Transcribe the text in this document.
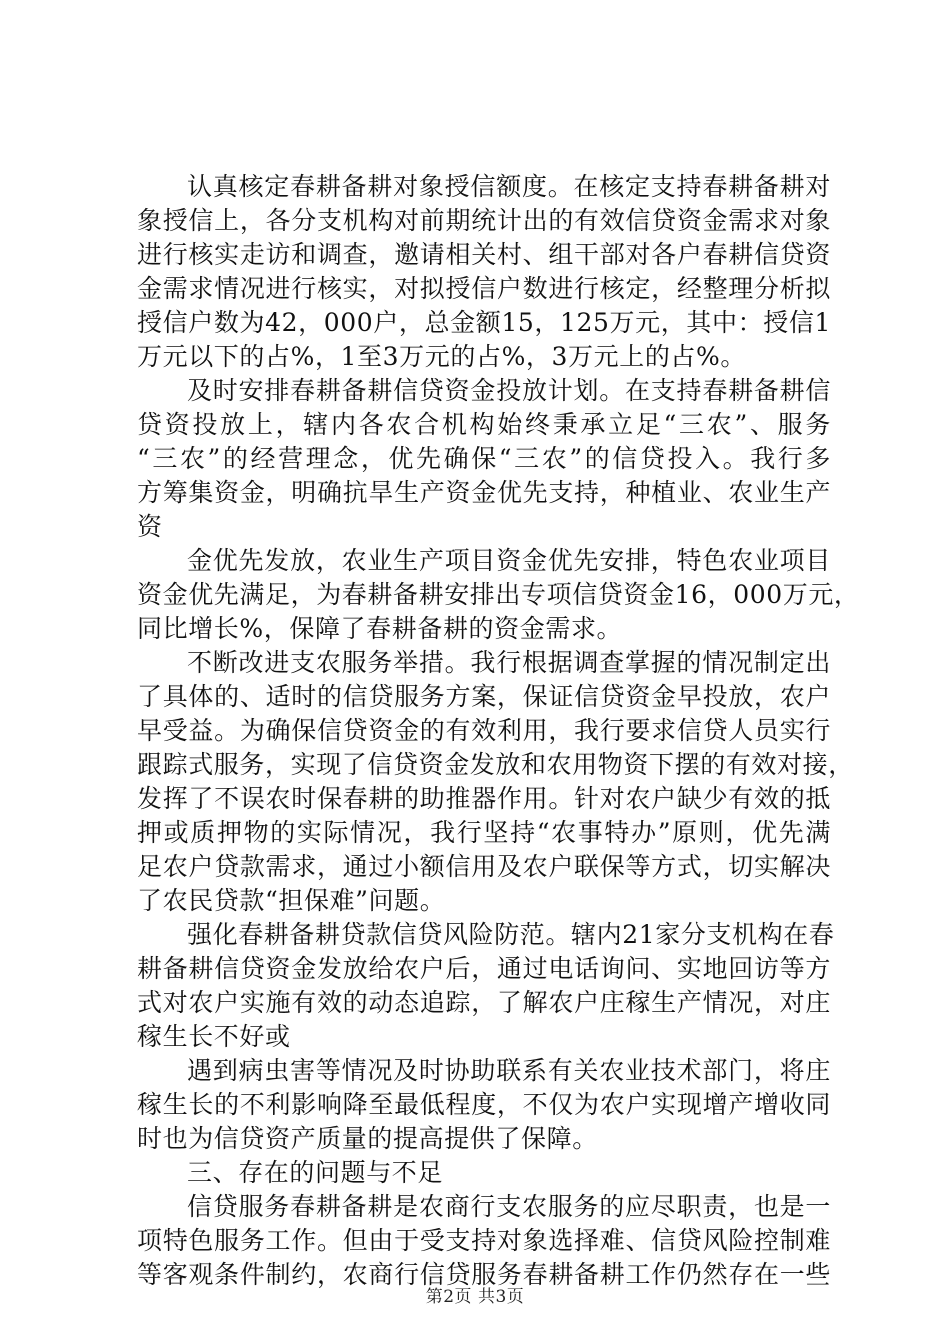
认真核定春耕备耕对象授信额度。在核定支持春耕备耕对
象授信上，各分支机构对前期统计出的有效信贷资金需求对象
进行核实走访和调查，邀请相关村、组干部对各户春耕信贷资
金需求情况进行核实，对拟授信户数进行核定，经整理分析拟
授信户数为42，000户，总金额15，125万元，其中：授信1
万元以下的占%，1至3万元的占%，3万元上的占%。
及时安排春耕备耕信贷资金投放计划。在支持春耕备耕信
贷资投放上，辖内各农合机构始终秉承立足“三农”、服务
“三农”的经营理念，优先确保“三农”的信贷投入。我行多
方筹集资金，明确抗旱生产资金优先支持，种植业、农业生产
资
金优先发放，农业生产项目资金优先安排，特色农业项目
资金优先满足，为春耕备耕安排出专项信贷资金16，000万元，
同比增长%，保障了春耕备耕的资金需求。
不断改进支农服务举措。我行根据调查掌握的情况制定出
了具体的、适时的信贷服务方案，保证信贷资金早投放，农户
早受益。为确保信贷资金的有效利用，我行要求信贷人员实行
跟踪式服务，实现了信贷资金发放和农用物资下摆的有效对接，
发挥了不误农时保春耕的助推器作用。针对农户缺少有效的抵
押或质押物的实际情况，我行坚持“农事特办”原则，优先满
足农户贷款需求，通过小额信用及农户联保等方式，切实解决
了农民贷款“担保难”问题。
强化春耕备耕贷款信贷风险防范。辖内21家分支机构在春
耕备耕信贷资金发放给农户后，通过电话询问、实地回访等方
式对农户实施有效的动态追踪，了解农户庄稼生产情况，对庄
稼生长不好或
遇到病虫害等情况及时协助联系有关农业技术部门，将庄
稼生长的不利影响降至最低程度，不仅为农户实现增产增收同
时也为信贷资产质量的提高提供了保障。
三、存在的问题与不足
信贷服务春耕备耕是农商行支农服务的应尽职责，也是一
项特色服务工作。但由于受支持对象选择难、信贷风险控制难
等客观条件制约，农商行信贷服务春耕备耕工作仍然存在一些
第2页 共3页
